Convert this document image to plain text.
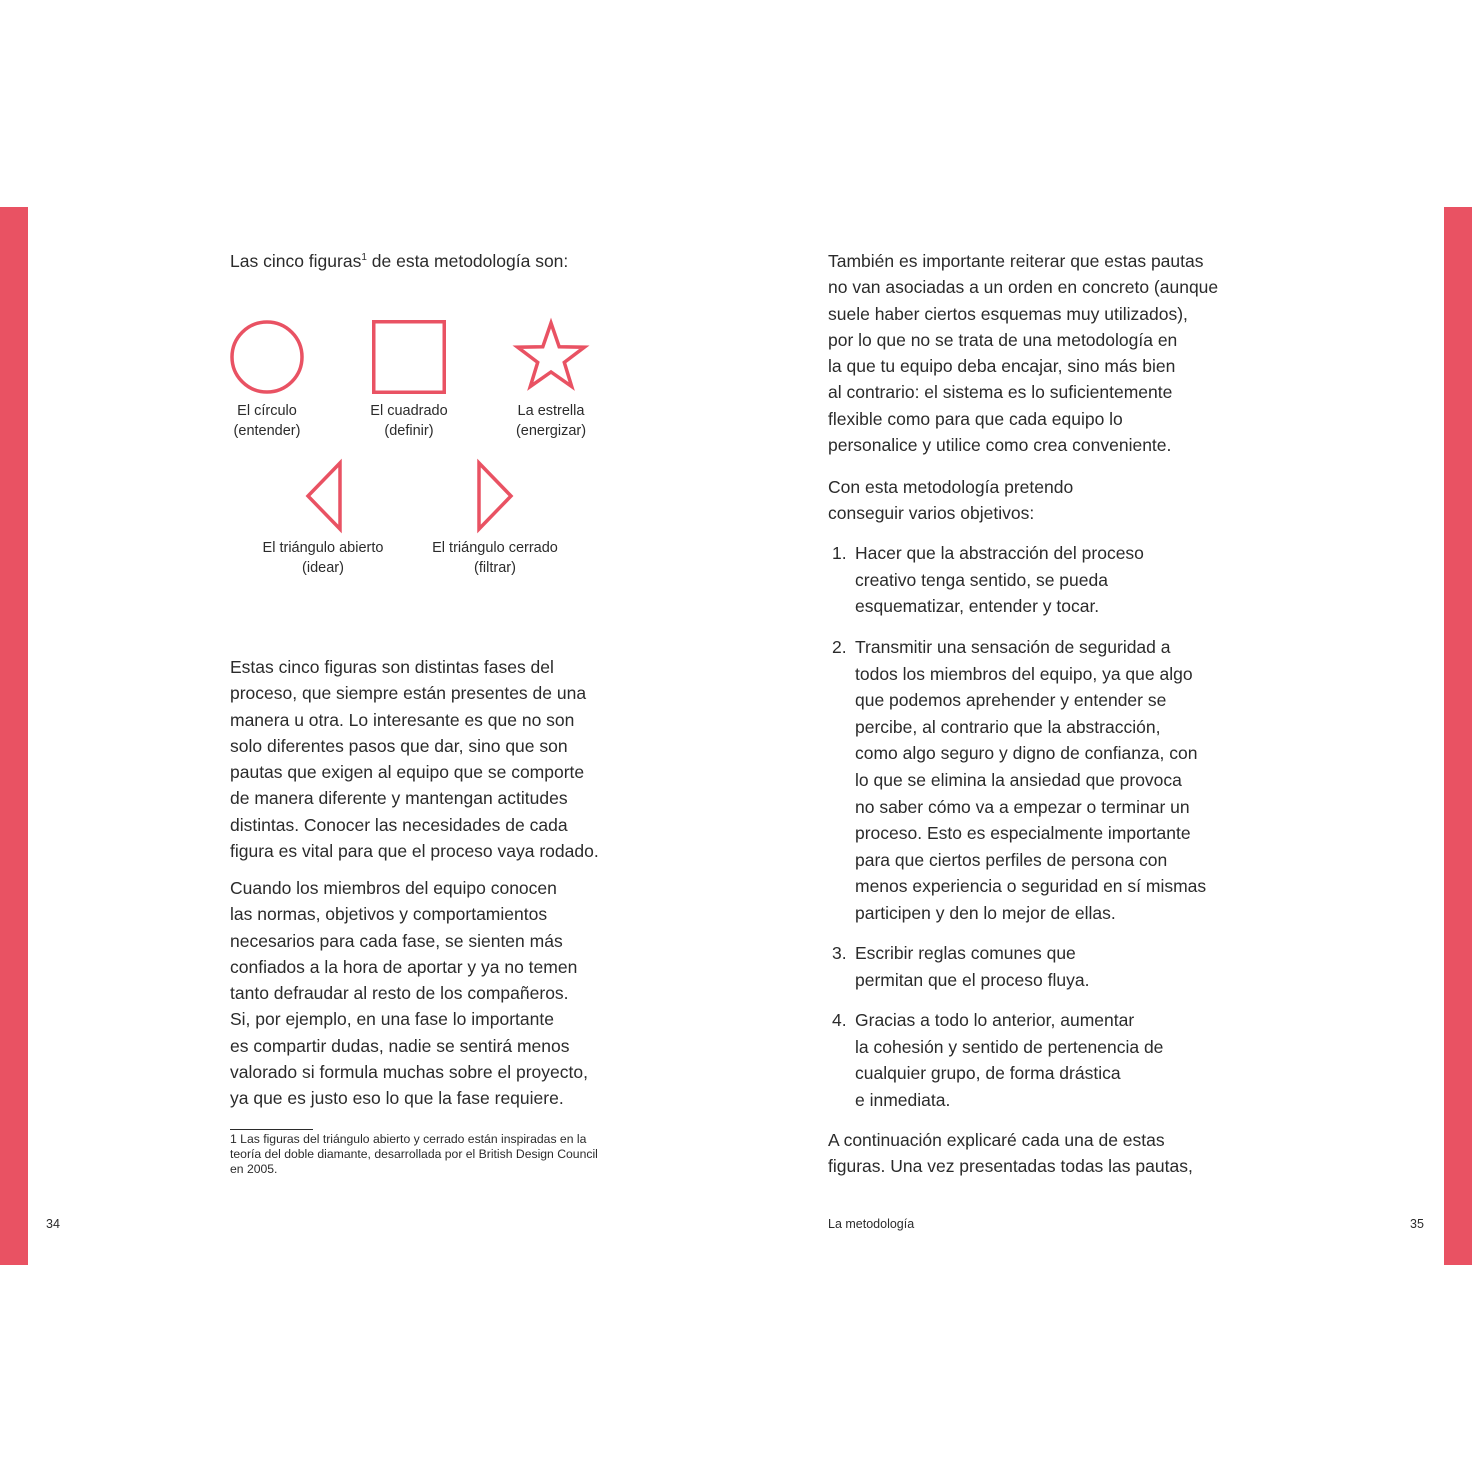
Las cinco figuras$^1$ de esta metodología son:

El círculo
(entender)
El cuadrado
(definir)
La estrella
(energizar)
El triángulo abierto
(idear)
El triángulo cerrado
(filtrar)
Estas cinco figuras son distintas fases del
proceso, que siempre están presentes de una
manera u otra. Lo interesante es que no son
solo diferentes pasos que dar, sino que son
pautas que exigen al equipo que se comporte
de manera diferente y mantengan actitudes
distintas. Conocer las necesidades de cada
figura es vital para que el proceso vaya rodado.
Cuando los miembros del equipo conocen
las normas, objetivos y comportamientos
necesarios para cada fase, se sienten más
confiados a la hora de aportar y ya no temen
tanto defraudar al resto de los compañeros.
Si, por ejemplo, en una fase lo importante
es compartir dudas, nadie se sentirá menos
valorado si formula muchas sobre el proyecto,
ya que es justo eso lo que la fase requiere.
1 Las figuras del triángulo abierto y cerrado están inspiradas en la
teoría del doble diamante, desarrollada por el British Design Council
en 2005.
34
También es importante reiterar que estas pautas
no van asociadas a un orden en concreto (aunque
suele haber ciertos esquemas muy utilizados),
por lo que no se trata de una metodología en
la que tu equipo deba encajar, sino más bien
al contrario: el sistema es lo suficientemente
flexible como para que cada equipo lo
personalice y utilice como crea conveniente.
Con esta metodología pretendo
conseguir varios objetivos:
1. Hacer que la abstracción del proceso
creativo tenga sentido, se pueda
esquematizar, entender y tocar.
2. Transmitir una sensación de seguridad a
todos los miembros del equipo, ya que algo
que podemos aprehender y entender se
percibe, al contrario que la abstracción,
como algo seguro y digno de confianza, con
lo que se elimina la ansiedad que provoca
no saber cómo va a empezar o terminar un
proceso. Esto es especialmente importante
para que ciertos perfiles de persona con
menos experiencia o seguridad en sí mismas
participen y den lo mejor de ellas.
3. Escribir reglas comunes que
permitan que el proceso fluya.
4. Gracias a todo lo anterior, aumentar
la cohesión y sentido de pertenencia de
cualquier grupo, de forma drástica
e inmediata.
A continuación explicaré cada una de estas
figuras. Una vez presentadas todas las pautas,
La metodología	35
